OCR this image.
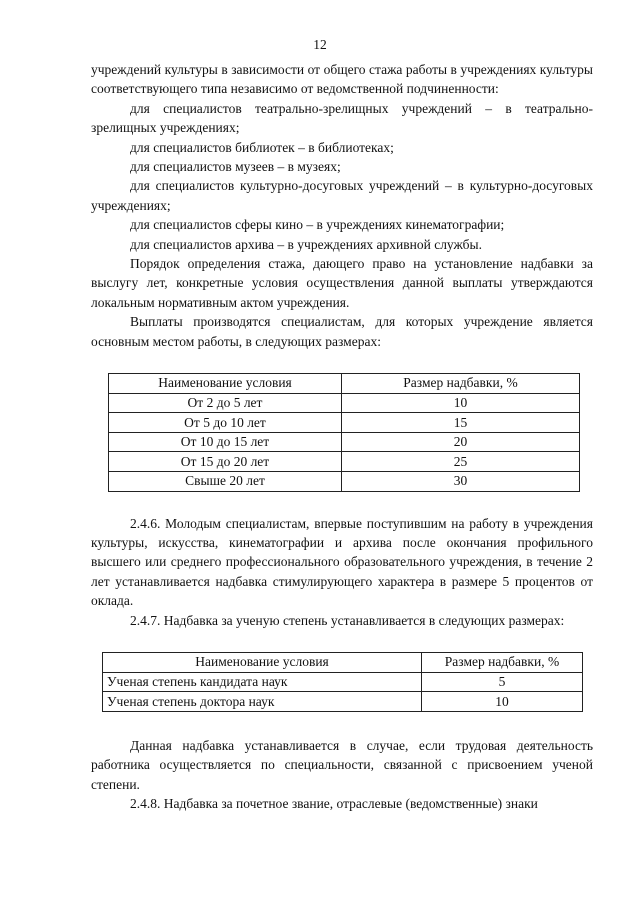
12

учреждений культуры в зависимости от общего стажа работы в учреждениях культуры соответствующего типа независимо от ведомственной подчиненности:

для специалистов театрально-зрелищных учреждений – в театрально-зрелищных учреждениях;

для специалистов библиотек – в библиотеках;

для специалистов музеев – в музеях;

для специалистов культурно-досуговых учреждений – в культурно-досуговых учреждениях;

для специалистов сферы кино – в учреждениях кинематографии;

для специалистов архива – в учреждениях архивной службы.

Порядок определения стажа, дающего право на установление надбавки за выслугу лет, конкретные условия осуществления данной выплаты утверждаются локальным нормативным актом учреждения.

Выплаты производятся специалистам, для которых учреждение является основным местом работы, в следующих размерах:

Наименование условия	Размер надбавки, %
От 2 до 5 лет	10
От 5 до 10 лет	15
От 10 до 15 лет	20
От 15 до 20 лет	25
Свыше 20 лет	30

2.4.6. Молодым специалистам, впервые поступившим на работу в учреждения культуры, искусства, кинематографии и архива после окончания профильного высшего или среднего профессионального образовательного учреждения, в течение 2 лет устанавливается надбавка стимулирующего характера в размере 5 процентов от оклада.

2.4.7. Надбавка за ученую степень устанавливается в следующих размерах:

Наименование условия	Размер надбавки, %
Ученая степень кандидата наук	5
Ученая степень доктора наук	10

Данная надбавка устанавливается в случае, если трудовая деятельность работника осуществляется по специальности, связанной с присвоением ученой степени.

2.4.8. Надбавка за почетное звание, отраслевые (ведомственные) знаки
